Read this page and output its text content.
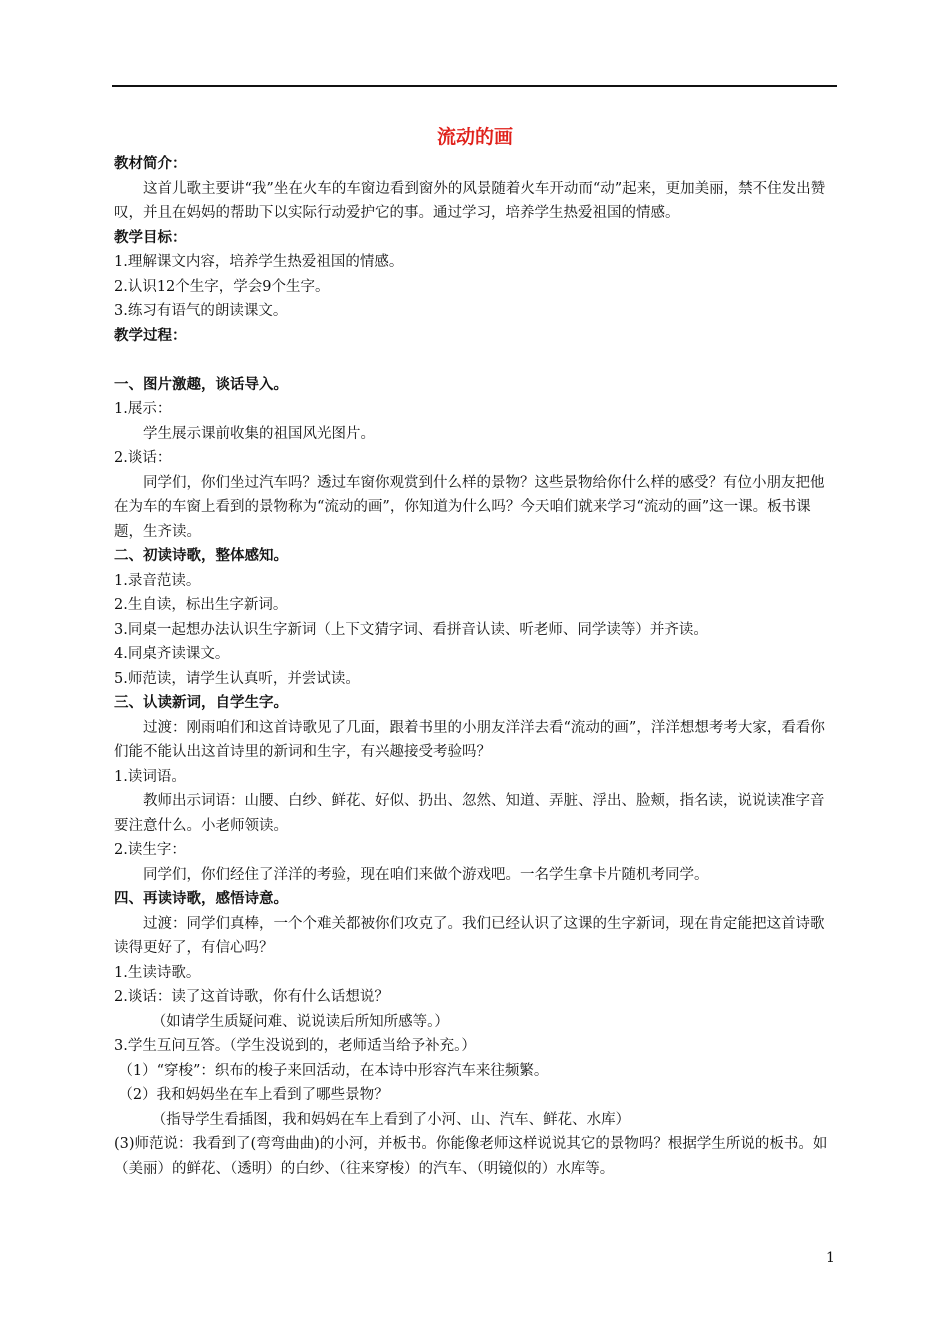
流动的画

教材简介：

这首儿歌主要讲“我”坐在火车的车窗边看到窗外的风景随着火车开动而“动”起来，更加美丽，禁不住发出赞叹，并且在妈妈的帮助下以实际行动爱护它的事。通过学习，培养学生热爱祖国的情感。

教学目标：

1.理解课文内容，培养学生热爱祖国的情感。

2.认识12个生字，学会9个生字。

3.练习有语气的朗读课文。

教学过程：

一、图片激趣，谈话导入。

1.展示：

学生展示课前收集的祖国风光图片。

2.谈话：

同学们，你们坐过汽车吗？透过车窗你观赏到什么样的景物？这些景物给你什么样的感受？有位小朋友把他在为车的车窗上看到的景物称为“流动的画”，你知道为什么吗？今天咱们就来学习“流动的画”这一课。板书课题，生齐读。

二、初读诗歌，整体感知。

1.录音范读。

2.生自读，标出生字新词。

3.同桌一起想办法认识生字新词（上下文猜字词、看拼音认读、听老师、同学读等）并齐读。

4.同桌齐读课文。

5.师范读，请学生认真听，并尝试读。

三、认读新词，自学生字。

过渡：刚雨咱们和这首诗歌见了几面，跟着书里的小朋友洋洋去看“流动的画”，洋洋想想考考大家，看看你们能不能认出这首诗里的新词和生字，有兴趣接受考验吗？

1.读词语。

教师出示词语：山腰、白纱、鲜花、好似、扔出、忽然、知道、弄脏、浮出、脸颊，指名读，说说读准字音要注意什么。小老师领读。

2.读生字：

同学们，你们经住了洋洋的考验，现在咱们来做个游戏吧。一名学生拿卡片随机考同学。

四、再读诗歌，感悟诗意。

过渡：同学们真棒，一个个难关都被你们攻克了。我们已经认识了这课的生字新词，现在肯定能把这首诗歌读得更好了，有信心吗？

1.生读诗歌。

2.谈话：读了这首诗歌，你有什么话想说？

（如请学生质疑问难、说说读后所知所感等。）

3.学生互问互答。（学生没说到的，老师适当给予补充。）

（1）“穿梭”：织布的梭子来回活动，在本诗中形容汽车来往频繁。

（2）我和妈妈坐在车上看到了哪些景物？

（指导学生看插图，我和妈妈在车上看到了小河、山、汽车、鲜花、水库）

(3)师范说：我看到了(弯弯曲曲)的小河，并板书。你能像老师这样说说其它的景物吗？根据学生所说的板书。如（美丽）的鲜花、（透明）的白纱、（往来穿梭）的汽车、（明镜似的）水库等。

1
